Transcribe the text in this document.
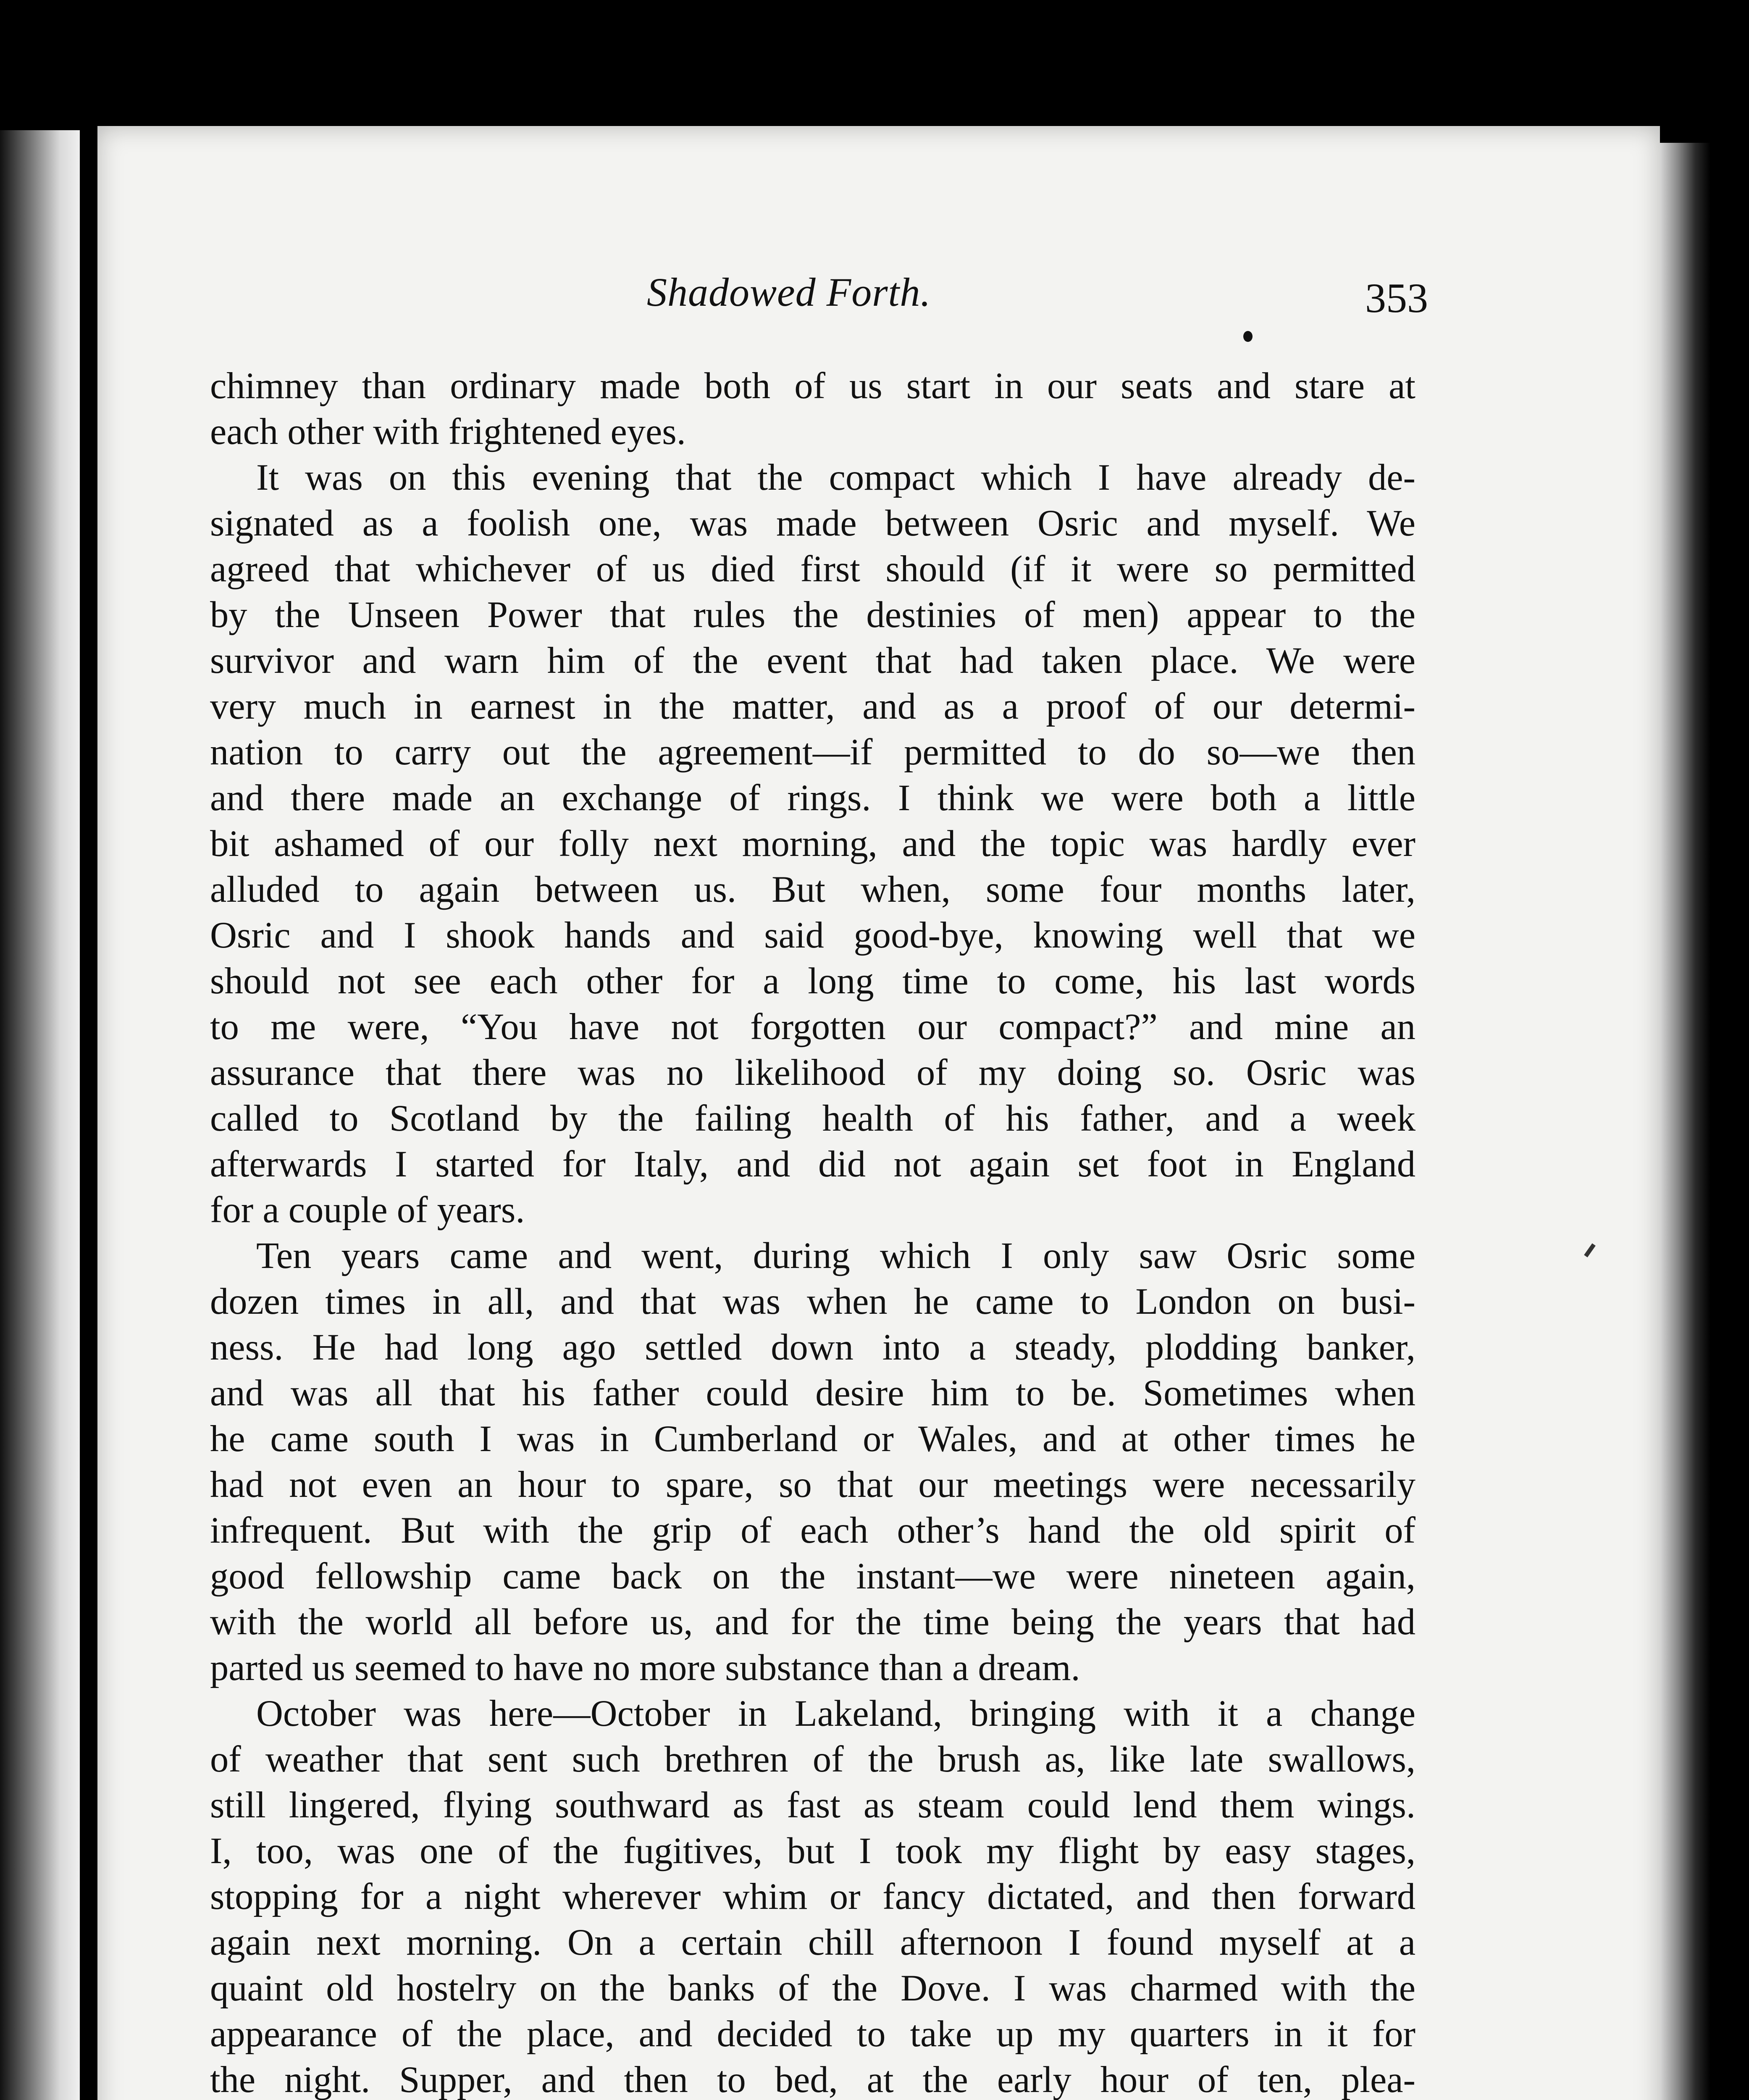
Shadowed Forth.	353
chimney than ordinary made both of us start in our seats and stare at
each other with frightened eyes.
It was on this evening that the compact which I have already de-
signated as a foolish one, was made between Osric and myself. We
agreed that whichever of us died first should (if it were so permitted
by the Unseen Power that rules the destinies of men) appear to the
survivor and warn him of the event that had taken place. We were
very much in earnest in the matter, and as a proof of our determi-
nation to carry out the agreement—if permitted to do so—we then
and there made an exchange of rings. I think we were both a little
bit ashamed of our folly next morning, and the topic was hardly ever
alluded to again between us. But when, some four months later,
Osric and I shook hands and said good-bye, knowing well that we
should not see each other for a long time to come, his last words
to me were, “You have not forgotten our compact?” and mine an
assurance that there was no likelihood of my doing so. Osric was
called to Scotland by the failing health of his father, and a week
afterwards I started for Italy, and did not again set foot in England
for a couple of years.
Ten years came and went, during which I only saw Osric some
dozen times in all, and that was when he came to London on busi-
ness. He had long ago settled down into a steady, plodding banker,
and was all that his father could desire him to be. Sometimes when
he came south I was in Cumberland or Wales, and at other times he
had not even an hour to spare, so that our meetings were necessarily
infrequent. But with the grip of each other’s hand the old spirit of
good fellowship came back on the instant—we were nineteen again,
with the world all before us, and for the time being the years that had
parted us seemed to have no more substance than a dream.
October was here—October in Lakeland, bringing with it a change
of weather that sent such brethren of the brush as, like late swallows,
still lingered, flying southward as fast as steam could lend them wings.
I, too, was one of the fugitives, but I took my flight by easy stages,
stopping for a night wherever whim or fancy dictated, and then forward
again next morning. On a certain chill afternoon I found myself at a
quaint old hostelry on the banks of the Dove. I was charmed with the
appearance of the place, and decided to take up my quarters in it for
the night. Supper, and then to bed, at the early hour of ten, plea-
